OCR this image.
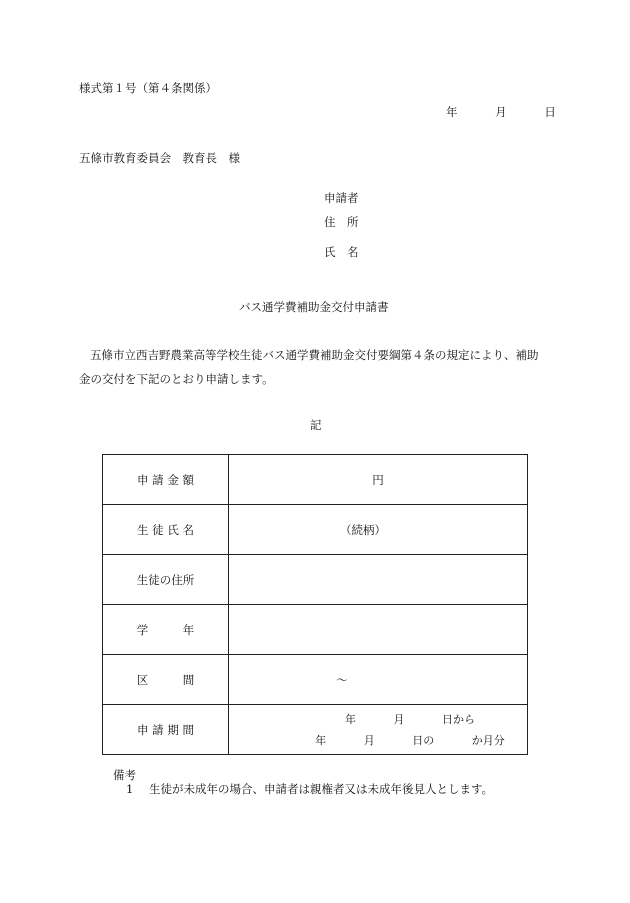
様式第１号（第４条関係）
年	月	日
五條市教育委員会　教育長　様
申請者
住　所
氏　名
バス通学費補助金交付申請書
五條市立西吉野農業高等学校生徒バス通学費補助金交付要綱第４条の規定により、補助
金の交付を下記のとおり申請します。
記
申 請 金 額	円
生 徒 氏 名	（続柄）
生徒の住所	
学　　　年	
区　　　間	～
申 請 期 間	年 月 日から
年 月 日の か月分
備考
1 生徒が未成年の場合、申請者は親権者又は未成年後見人とします。
